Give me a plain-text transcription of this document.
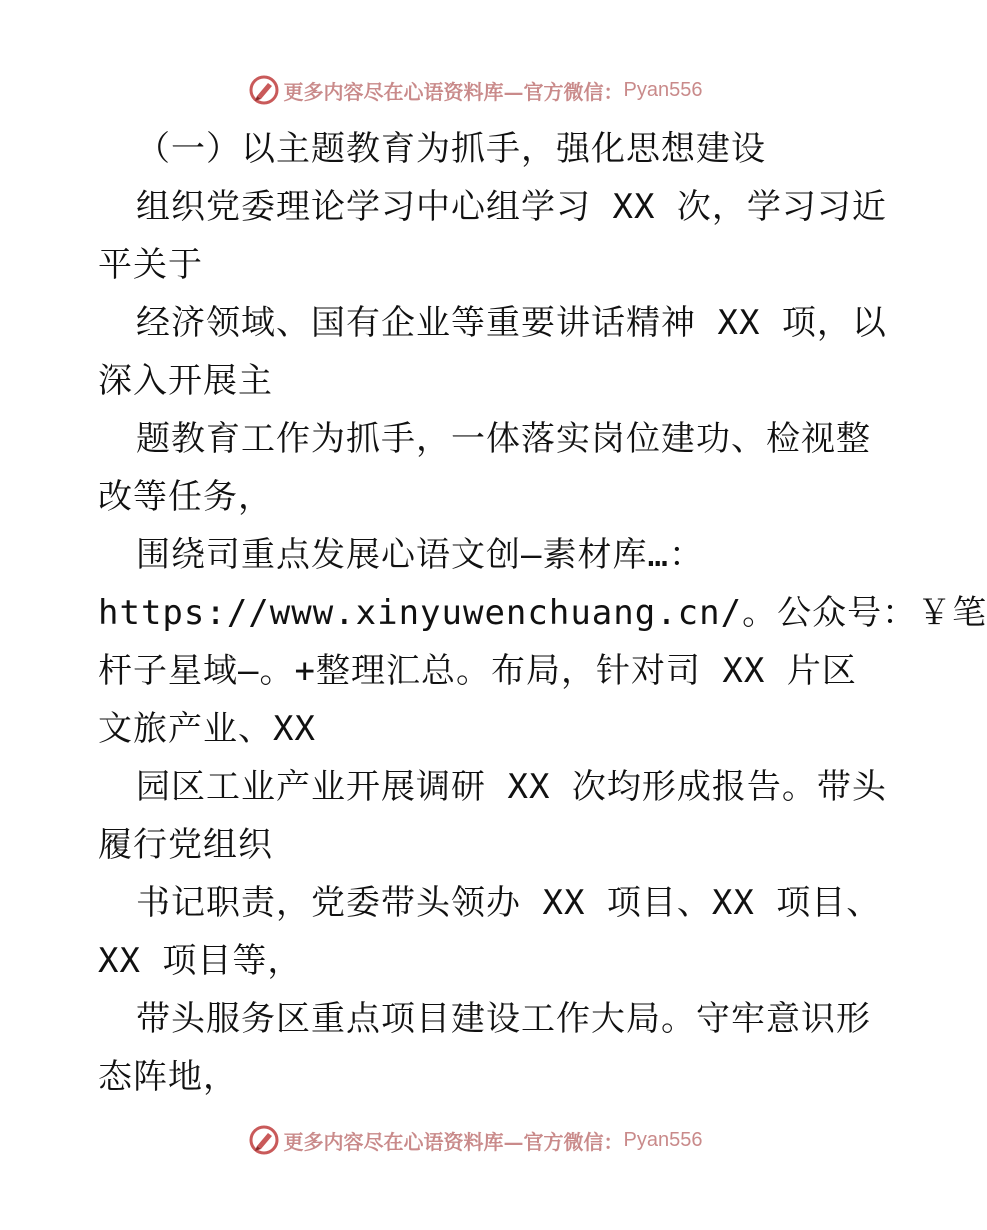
更多内容尽在心语资料库—官方微信： Pyan556
（一）以主题教育为抓手，强化思想建设
组织党委理论学习中心组学习 XX 次，学习习近
平关于
经济领域、国有企业等重要讲话精神 XX 项，以
深入开展主
题教育工作为抓手，一体落实岗位建功、检视整
改等任务，
围绕司重点发展心语文创—素材库…：
https://www.xinyuwenchuang.cn/。公众号：￥笔
杆子星域—。+整理汇总。布局，针对司 XX 片区
文旅产业、XX
园区工业产业开展调研 XX 次均形成报告。带头
履行党组织
书记职责，党委带头领办 XX 项目、XX 项目、
XX 项目等，
带头服务区重点项目建设工作大局。守牢意识形
态阵地，
更多内容尽在心语资料库—官方微信： Pyan556
